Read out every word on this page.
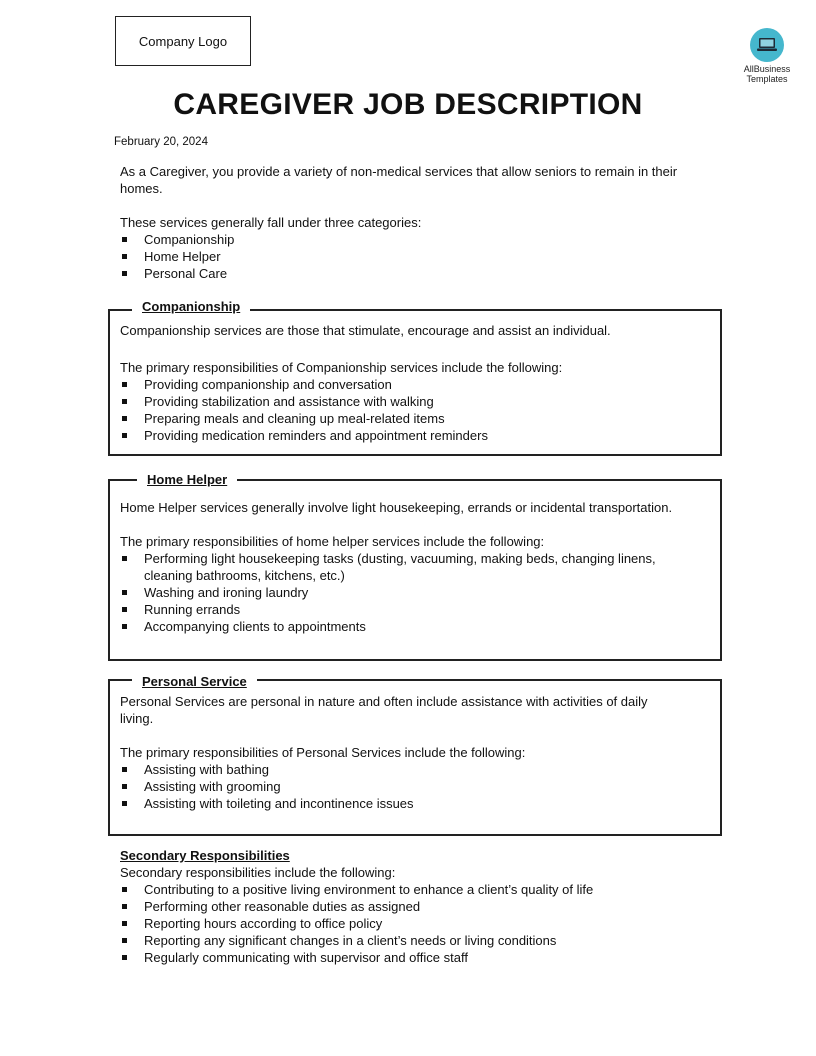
Company Logo
AllBusiness
Templates
CAREGIVER JOB DESCRIPTION
February 20, 2024

As a Caregiver, you provide a variety of non-medical services that allow seniors to remain in their homes.

These services generally fall under three categories:

Companionship
Home Helper
Personal Care
Companionship

Companionship services are those that stimulate, encourage and assist an individual.

The primary responsibilities of Companionship services include the following:

Providing companionship and conversation
Providing stabilization and assistance with walking
Preparing meals and cleaning up meal-related items
Providing medication reminders and appointment reminders
Home Helper

Home Helper services generally involve light housekeeping, errands or incidental transportation.

The primary responsibilities of home helper services include the following:

Performing light housekeeping tasks (dusting, vacuuming, making beds, changing linens, cleaning bathrooms, kitchens, etc.)
Washing and ironing laundry
Running errands
Accompanying clients to appointments
Personal Service

Personal Services are personal in nature and often include assistance with activities of daily living.

The primary responsibilities of Personal Services include the following:

Assisting with bathing
Assisting with grooming
Assisting with toileting and incontinence issues
Secondary Responsibilities

Secondary responsibilities include the following:

Contributing to a positive living environment to enhance a client’s quality of life
Performing other reasonable duties as assigned
Reporting hours according to office policy
Reporting any significant changes in a client’s needs or living conditions
Regularly communicating with supervisor and office staff
